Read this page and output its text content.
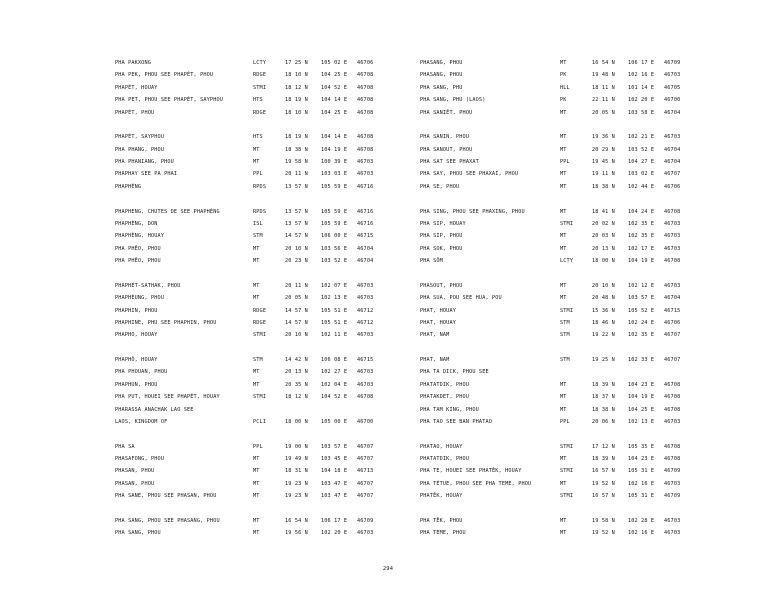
PHA PAKXONG	LCTY	17 25 N	105 02 E 46706
PHA PEK, PHOU SEE PHAPÉT, PHOU	RDGE	18 10 N	104 25 E 46708
PHAPÉT, HOUAY	STMI	18 12 N	104 52 E 46708
PHA PET, PHOU SEE PHAPÉT, SAYPHOU	HTS	18 19 N	104 14 E 46708
PHAPÉT, PHOU	RDGE	18 10 N	104 25 E 46708
PHAPÉT, SAYPHOU	HTS	18 19 N	104 14 E 46708
PHA PHANG, PHOU	MT	18 38 N	104 19 E 46708
PHA PHANIANG, PHOU	MT	19 58 N	100 39 E 46703
PHAPHAY SEE PA PHAI	PPL	20 11 N	103 03 E 46703
PHAPHÈNG	RPDS	13 57 N	105 59 E 46716
PHAPHENG, CHUTES DE SEE PHAPHÈNG	RPDS	13 57 N	105 59 E 46716
PHAPHÈNG, DON	ISL	13 57 N	105 59 E 46716
PHAPHÈNG, HOUAY	STM	14 57 N	106 00 E 46715
PHA PHÊO, PHOU	MT	20 10 N	103 56 E 46704
PHA PHÊO, PHOU	MT	20 23 N	103 52 E 46704
PHAPHÉT-SATHAK, PHOU	MT	20 11 N	102 07 E 46703
PHAPHÈUNG, PHOU	MT	20 05 N	102 13 E 46703
PHAPHIN, PHOU	RDGE	14 57 N	105 51 E 46712
PHAPHINE, PHU SEE PHAPHIN, PHOU	RDGE	14 57 N	105 51 E 46712
PHAPHO, HOUAY	STMI	20 10 N	102 11 E 46703
PHAPHÔ, HOUAY	STM	14 42 N	106 08 E 46715
PHA PHOUAN, PHOU	MT	20 13 N	102 27 E 46703
PHAPHUN, PHOU	MT	20 35 N	102 04 E 46703
PHA PUT, HOUEI SEE PHAPÉT, HOUAY	STMI	18 12 N	104 52 E 46708
PHARASSA ANACHAK LAO SEE
LAOS, KINGDOM OF	PCLI	18 00 N	105 00 E 46700
PHA SA	PPL	19 00 N	103 57 E 46707
PHASAFONG, PHOU	MT	19 49 N	103 45 E 46707
PHASAN, PHOU	MT	18 31 N	104 18 E 46713
PHASAN, PHOU	MT	19 23 N	103 47 E 46707
PHA SANE, PHOU SEE PHASAN, PHOU	MT	19 23 N	103 47 E 46707
PHA SANG, PHOU SEE PHASANG, PHOU	MT	16 54 N	106 17 E 46709
PHA SANG, PHOU	MT	19 56 N	102 20 E 46703
PHASANG, PHOU	MT	16 54 N	106 17 E 46709
PHASANG, PHOU	PK	19 48 N	102 16 E 46703
PHA SANG, PHU	HLL	18 11 N	101 14 E 46705
PHA SANG, PHU (LAOS)	PK	22 11 N	102 20 E 46700
PHA SANIÊT, PHOU	MT	20 05 N	103 58 E 46704
PHA SANIN, PHOU	MT	19 36 N	102 21 E 46703
PHA SANOUT, PHOU	MT	20 29 N	103 52 E 46704
PHA SAT SEE PHAXAT	PPL	19 45 N	104 27 E 46704
PHA SAY, PHOU SEE PHAXAI, PHOU	MT	19 11 N	103 02 E 46707
PHA SE, PHOU	MT	18 38 N	102 44 E 46706
PHA SING, PHOU SEE PHAXING, PHOU	MT	18 41 N	104 24 E 46708
PHA SIP, HOUAY	STMI	20 02 N	102 35 E 46703
PHA SIP, PHOU	MT	20 03 N	102 35 E 46703
PHA SOK, PHOU	MT	20 13 N	102 17 E 46703
PHA SÔM	LCTY	18 00 N	104 19 E 46708
PHASOUT, PHOU	MT	20 10 N	102 12 E 46703
PHA SUA, POU SEE HUA, POU	MT	20 48 N	103 57 E 46704
PHAT, HOUAY	STMI	15 36 N	105 52 E 46715
PHAT, HOUAY	STM	18 46 N	102 24 E 46706
PHAT, NAM	STM	19 22 N	102 35 E 46707
PHAT, NAM	STM	19 25 N	102 33 E 46707
PHA TA DICK, PHOU SEE
PHATATDIK, PHOU	MT	18 39 N	104 23 E 46708
PHATAKDET, PHOU	MT	18 37 N	104 19 E 46708
PHA TAM KING, PHOU	MT	18 38 N	104 25 E 46708
PHA TAO SEE BAN PHATAO	PPL	20 06 N	102 13 E 46703
PHATAO, HOUAY	STMI	17 12 N	105 35 E 46708
PHATATDIK, PHOU	MT	18 39 N	104 23 E 46708
PHA TE, HOUEI SEE PHATÊK, HOUAY	STMI	16 57 N	105 31 E 46709
PHA TÉTUE, PHOU SEE PHA TEME, PHOU	MT	19 52 N	102 16 E 46703
PHATÊK, HOUAY	STMI	16 57 N	105 31 E 46709
PHA TÊK, PHOU	MT	19 58 N	102 28 E 46703
PHA TEME, PHOU	MT	19 52 N	102 16 E 46703
294
